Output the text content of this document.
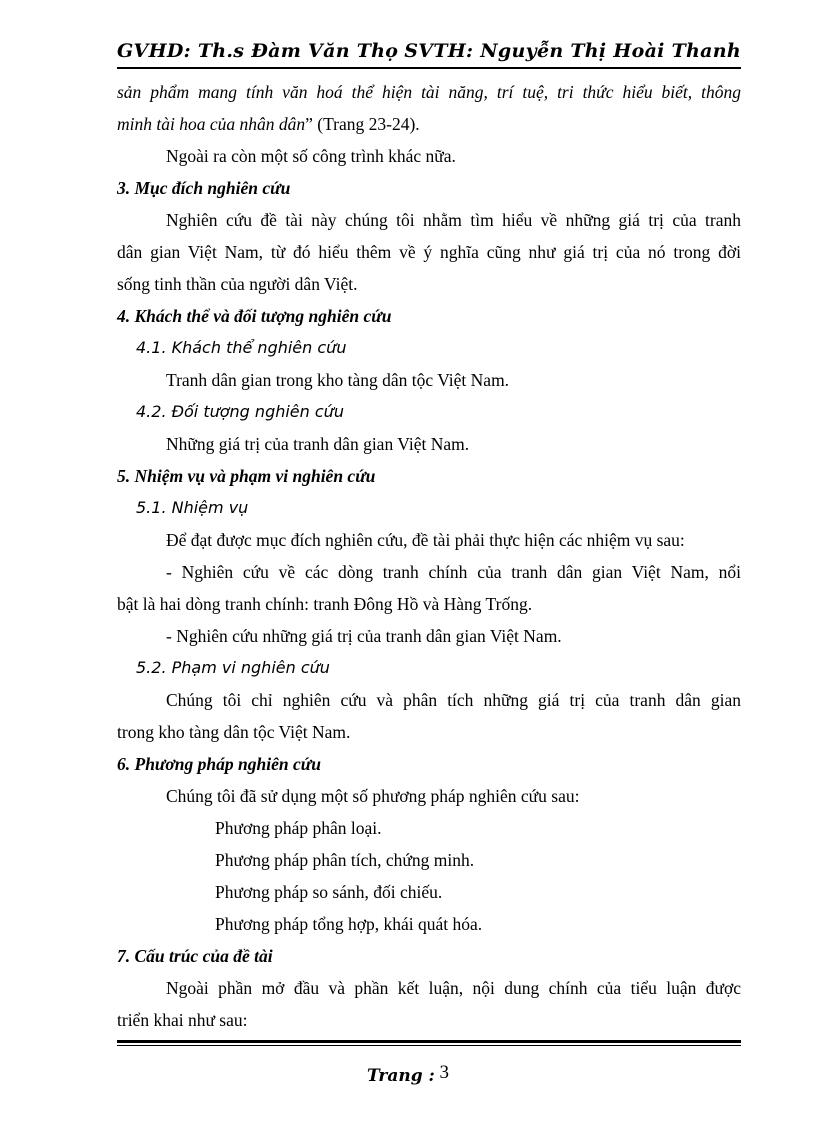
GVHD: Th.s Đàm Văn Thọ SVTH: Nguyễn Thị Hoài Thanh
sản phẩm mang tính văn hoá thể hiện tài năng, trí tuệ, tri thức hiểu biết, thông
minh tài hoa của nhân dân” (Trang 23-24).
Ngoài ra còn một số công trình khác nữa.
3. Mục đích nghiên cứu
Nghiên cứu đề tài này chúng tôi nhằm tìm hiểu về những giá trị của tranh
dân gian Việt Nam, từ đó hiểu thêm về ý nghĩa cũng như giá trị của nó trong đời
sống tinh thần của người dân Việt.
4. Khách thể và đối tượng nghiên cứu
4.1. Khách thể nghiên cứu
Tranh dân gian trong kho tàng dân tộc Việt Nam.
4.2. Đối tượng nghiên cứu
Những giá trị của tranh dân gian Việt Nam.
5. Nhiệm vụ và phạm vi nghiên cứu
5.1. Nhiệm vụ
Để đạt được mục đích nghiên cứu, đề tài phải thực hiện các nhiệm vụ sau:
- Nghiên cứu về các dòng tranh chính của tranh dân gian Việt Nam, nổi
bật là hai dòng tranh chính: tranh Đông Hồ và Hàng Trống.
- Nghiên cứu những giá trị của tranh dân gian Việt Nam.
5.2. Phạm vi nghiên cứu
Chúng tôi chỉ nghiên cứu và phân tích những giá trị của tranh dân gian
trong kho tàng dân tộc Việt Nam.
6. Phương pháp nghiên cứu
Chúng tôi đã sử dụng một số phương pháp nghiên cứu sau:
Phương pháp phân loại.
Phương pháp phân tích, chứng minh.
Phương pháp so sánh, đối chiếu.
Phương pháp tổng hợp, khái quát hóa.
7. Cấu trúc của đề tài
Ngoài phần mở đầu và phần kết luận, nội dung chính của tiểu luận được
triển khai như sau:
Trang : 3
